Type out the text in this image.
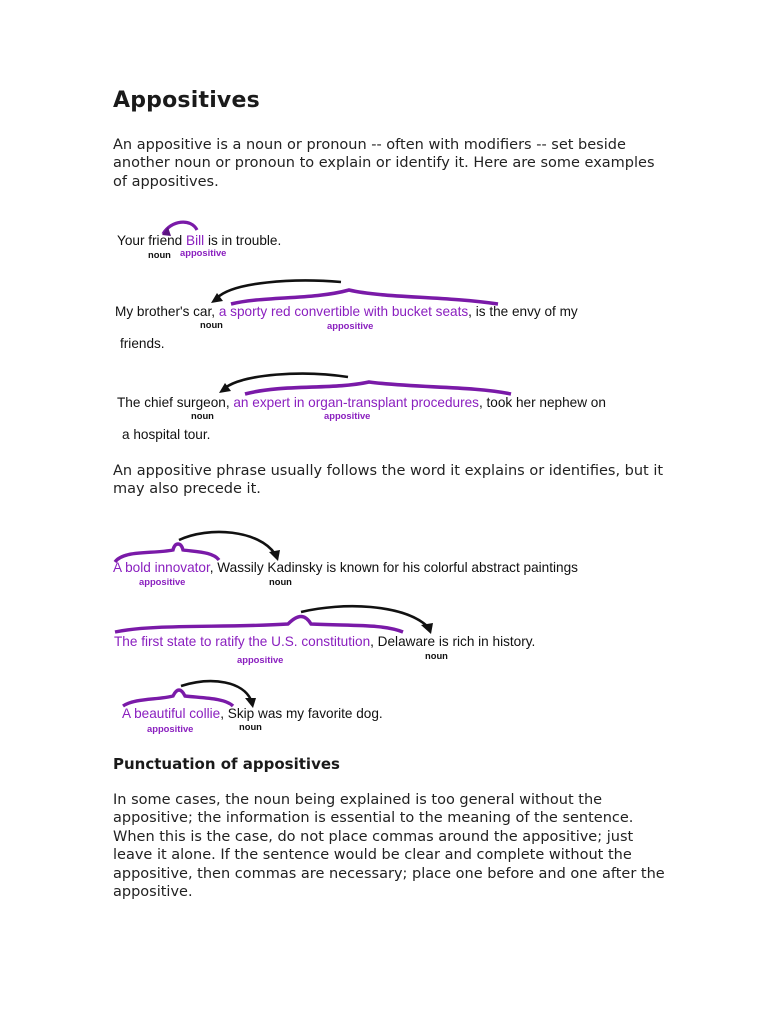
Appositives

An appositive is a noun or pronoun -- often with modifiers -- set beside another noun or pronoun to explain or identify it. Here are some examples of appositives.

Your friend Bill is in trouble.
noun appositive
My brother's car, a sporty red convertible with bucket seats, is the envy of my
noun	appositive
friends.
The chief surgeon, an expert in organ-transplant procedures, took her nephew on
noun	appositive
a hospital tour.

An appositive phrase usually follows the word it explains or identifies, but it may also precede it.

A bold innovator, Wassily Kadinsky is known for his colorful abstract paintings
appositive	noun
The first state to ratify the U.S. constitution, Delaware is rich in history.
appositive	noun
A beautiful collie, Skip was my favorite dog.
appositive	noun
Punctuation of appositives

In some cases, the noun being explained is too general without the appositive; the information is essential to the meaning of the sentence. When this is the case, do not place commas around the appositive; just leave it alone. If the sentence would be clear and complete without the appositive, then commas are necessary; place one before and one after the appositive.
